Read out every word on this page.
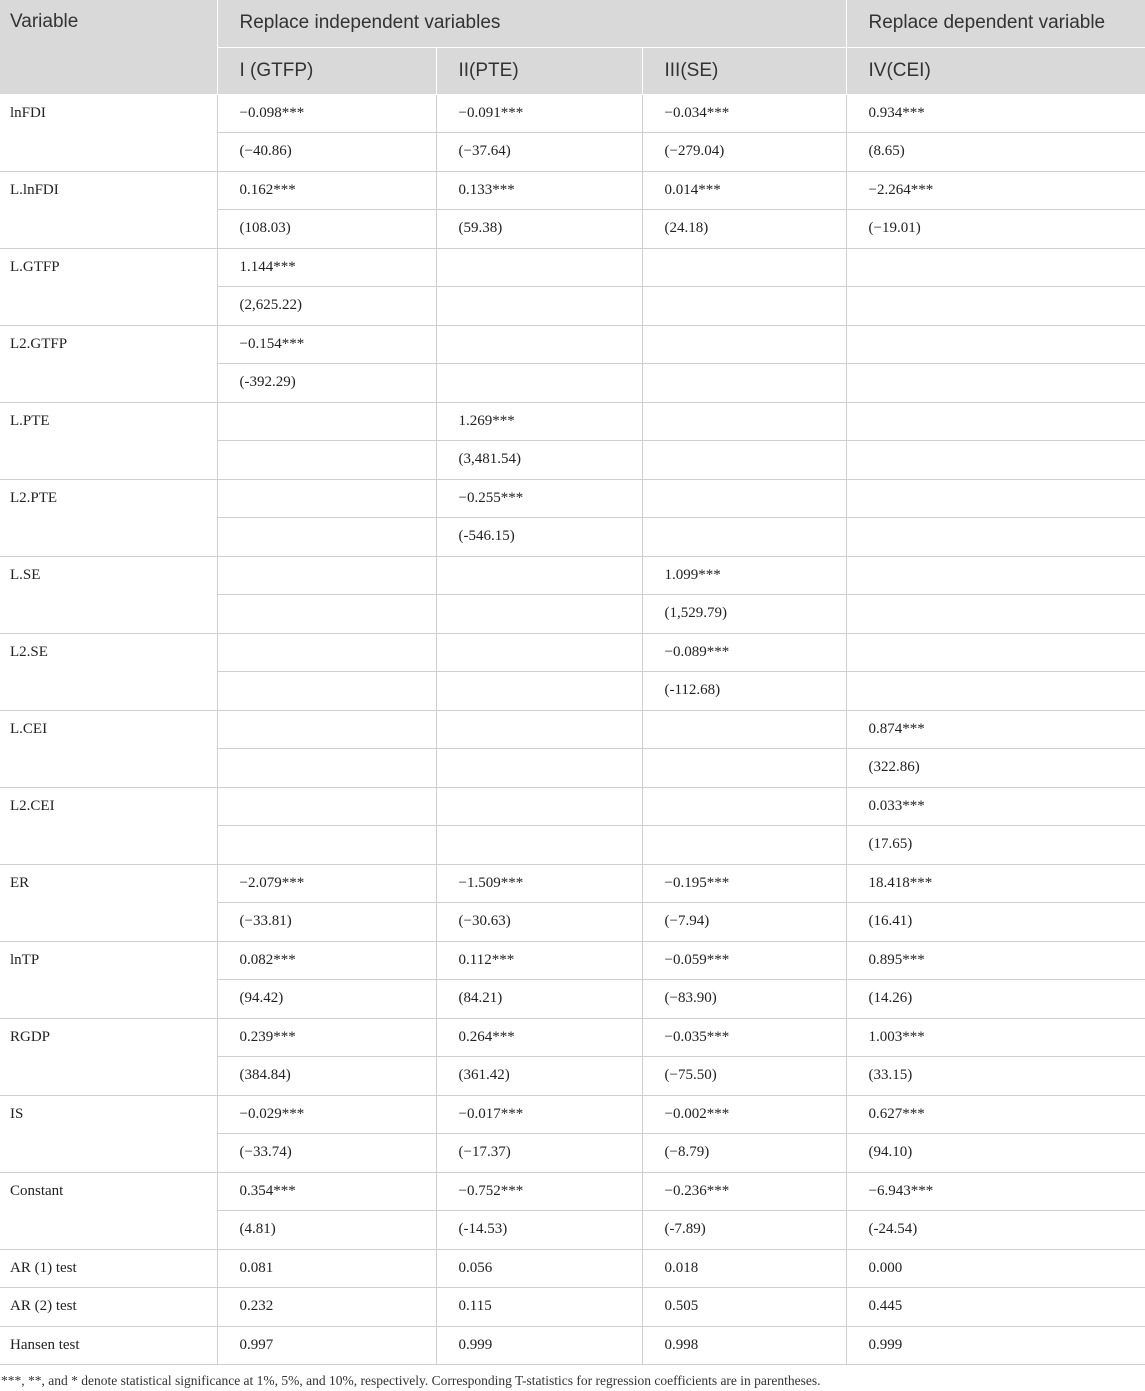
Variable	Replace independent variables			Replace dependent variable
	I (GTFP)	II(PTE)	III(SE)	IV(CEI)
lnFDI	−0.098***	−0.091***	−0.034***	0.934***
	(−40.86)	(−37.64)	(−279.04)	(8.65)
L.lnFDI	0.162***	0.133***	0.014***	−2.264***
	(108.03)	(59.38)	(24.18)	(−19.01)
L.GTFP	1.144***			
	(2,625.22)			
L2.GTFP	−0.154***			
	(-392.29)			
L.PTE		1.269***		
		(3,481.54)		
L2.PTE		−0.255***		
		(-546.15)		
L.SE			1.099***	
			(1,529.79)	
L2.SE			−0.089***	
			(-112.68)	
L.CEI				0.874***
				(322.86)
L2.CEI				0.033***
				(17.65)
ER	−2.079***	−1.509***	−0.195***	18.418***
	(−33.81)	(−30.63)	(−7.94)	(16.41)
lnTP	0.082***	0.112***	−0.059***	0.895***
	(94.42)	(84.21)	(−83.90)	(14.26)
RGDP	0.239***	0.264***	−0.035***	1.003***
	(384.84)	(361.42)	(−75.50)	(33.15)
IS	−0.029***	−0.017***	−0.002***	0.627***
	(−33.74)	(−17.37)	(−8.79)	(94.10)
Constant	0.354***	−0.752***	−0.236***	−6.943***
	(4.81)	(-14.53)	(-7.89)	(-24.54)
AR (1) test	0.081	0.056	0.018	0.000
AR (2) test	0.232	0.115	0.505	0.445
Hansen test	0.997	0.999	0.998	0.999
***, **, and * denote statistical significance at 1%, 5%, and 10%, respectively. Corresponding T-statistics for regression coefficients are in parentheses.
